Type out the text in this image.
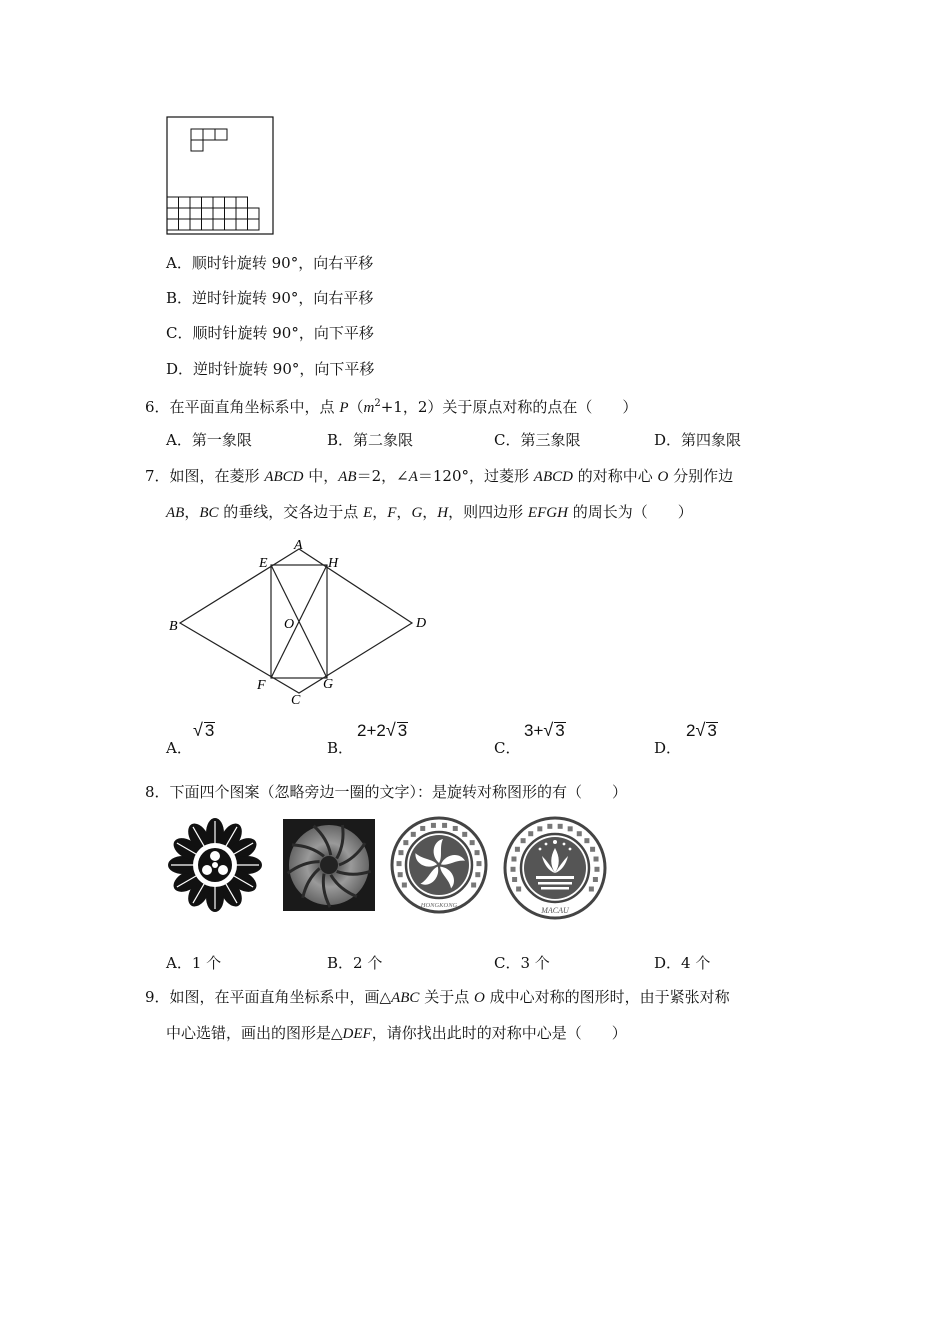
A．顺时针旋转 90°，向右平移
B．逆时针旋转 90°，向右平移
C．顺时针旋转 90°，向下平移
D．逆时针旋转 90°，向下平移
6．在平面直角坐标系中，点 $P(m^2+1$，2）关于原点对称的点在（　　）
A．第一象限	B．第二象限	C．第三象限	D．第四象限
7．如图，在菱形 ABCD 中，AB＝2，∠A＝120°，过菱形 ABCD 的对称中心 O 分别作边
AB，BC 的垂线，交各边于点 E，F，G，H，则四边形 EFGH 的周长为（　　）
A
B
C
D
E
F	G
H
O
A．
√ 3
B．
2+2√ 3
C．
3+√ 3
D．
2√ 3
8．下面四个图案（忽略旁边一圈的文字）：是旋转对称图形的有（　　）
HONGKONG
MACAU
A．1 个	B．2 个	C．3 个	D．4 个
9．如图，在平面直角坐标系中，画△ABC 关于点 O 成中心对称的图形时，由于紧张对称
中心选错，画出的图形是△DEF，请你找出此时的对称中心是（　　）
